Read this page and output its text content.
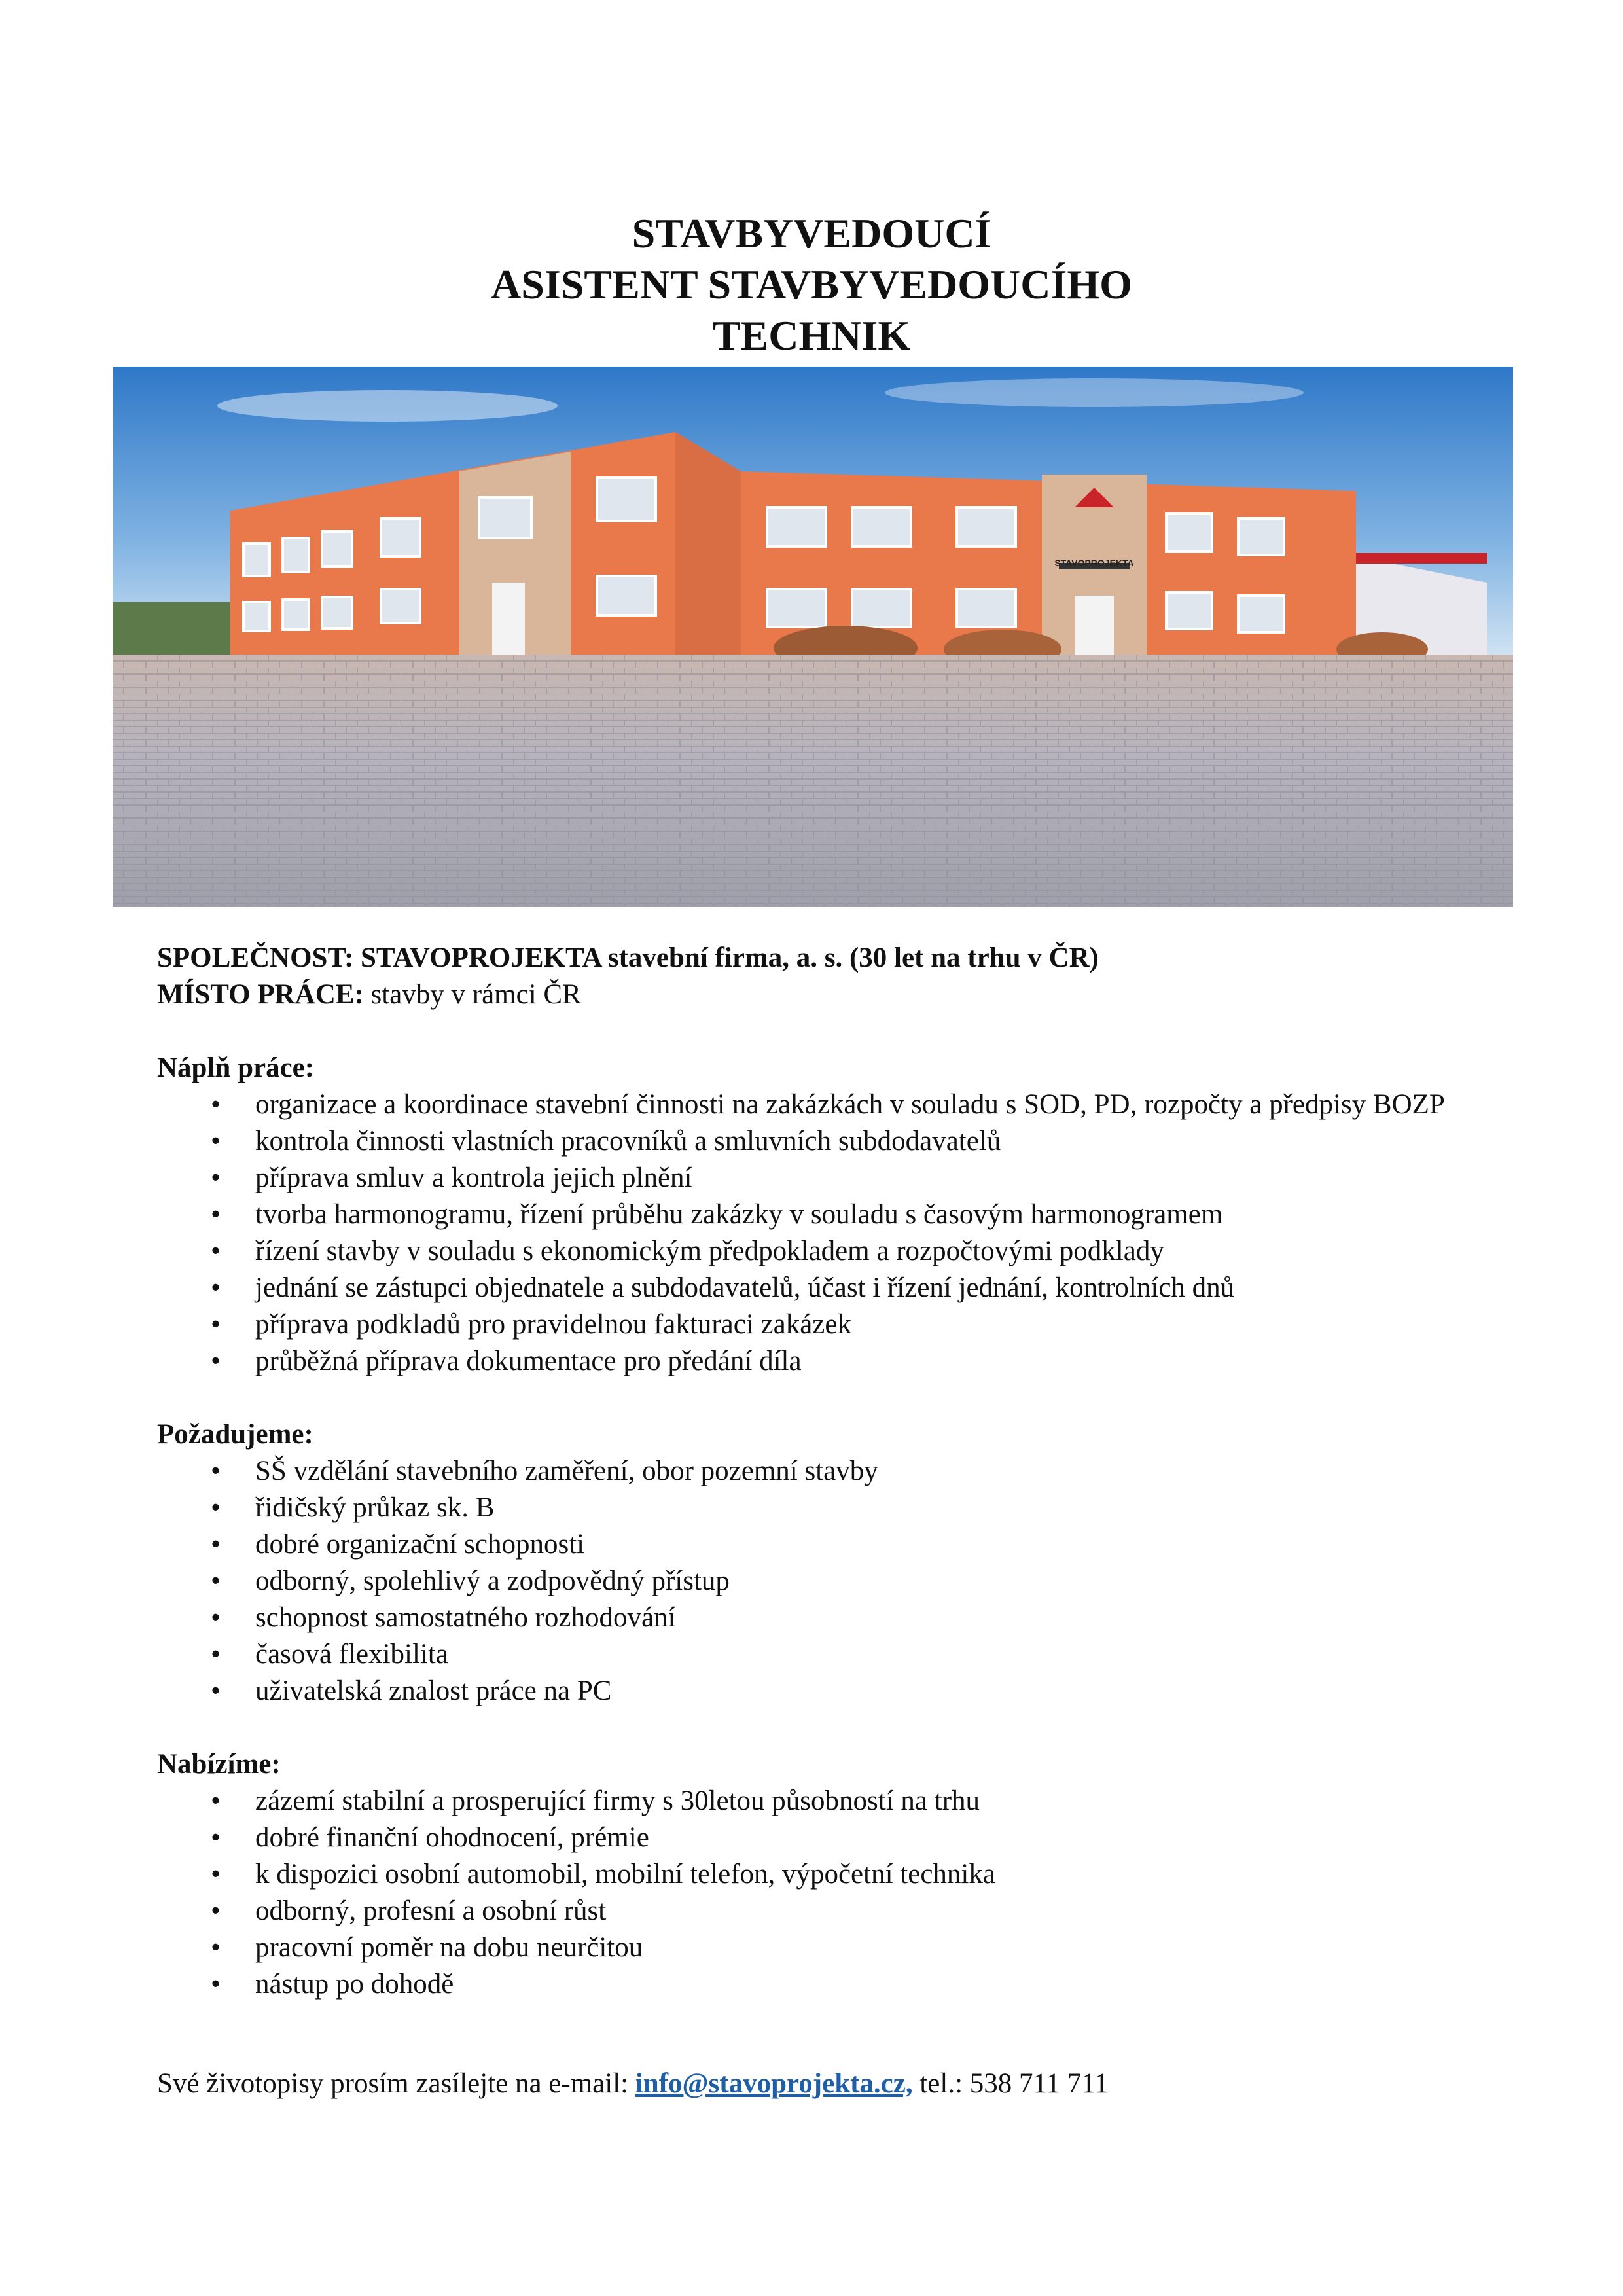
STAVBYVEDOUCÍ
ASISTENT STAVBYVEDOUCÍHO
TECHNIK
STAVOPROJEKTA
SPOLEČNOST: STAVOPROJEKTA stavební firma, a. s. (30 let na trhu v ČR)
MÍSTO PRÁCE: stavby v rámci ČR
Náplň práce:
• organizace a koordinace stavební činnosti na zakázkách v souladu s SOD, PD, rozpočty a předpisy BOZP
• kontrola činnosti vlastních pracovníků a smluvních subdodavatelů
• příprava smluv a kontrola jejich plnění
• tvorba harmonogramu, řízení průběhu zakázky v souladu s časovým harmonogramem
• řízení stavby v souladu s ekonomickým předpokladem a rozpočtovými podklady
• jednání se zástupci objednatele a subdodavatelů, účast i řízení jednání, kontrolních dnů
• příprava podkladů pro pravidelnou fakturaci zakázek
• průběžná příprava dokumentace pro předání díla
Požadujeme:
• SŠ vzdělání stavebního zaměření, obor pozemní stavby
• řidičský průkaz sk. B
• dobré organizační schopnosti
• odborný, spolehlivý a zodpovědný přístup
• schopnost samostatného rozhodování
• časová flexibilita
• uživatelská znalost práce na PC
Nabízíme:
• zázemí stabilní a prosperující firmy s 30letou působností na trhu
• dobré finanční ohodnocení, prémie
• k dispozici osobní automobil, mobilní telefon, výpočetní technika
• odborný, profesní a osobní růst
• pracovní poměr na dobu neurčitou
• nástup po dohodě
Své životopisy prosím zasílejte na e-mail: info@stavoprojekta.cz, tel.: 538 711 711
